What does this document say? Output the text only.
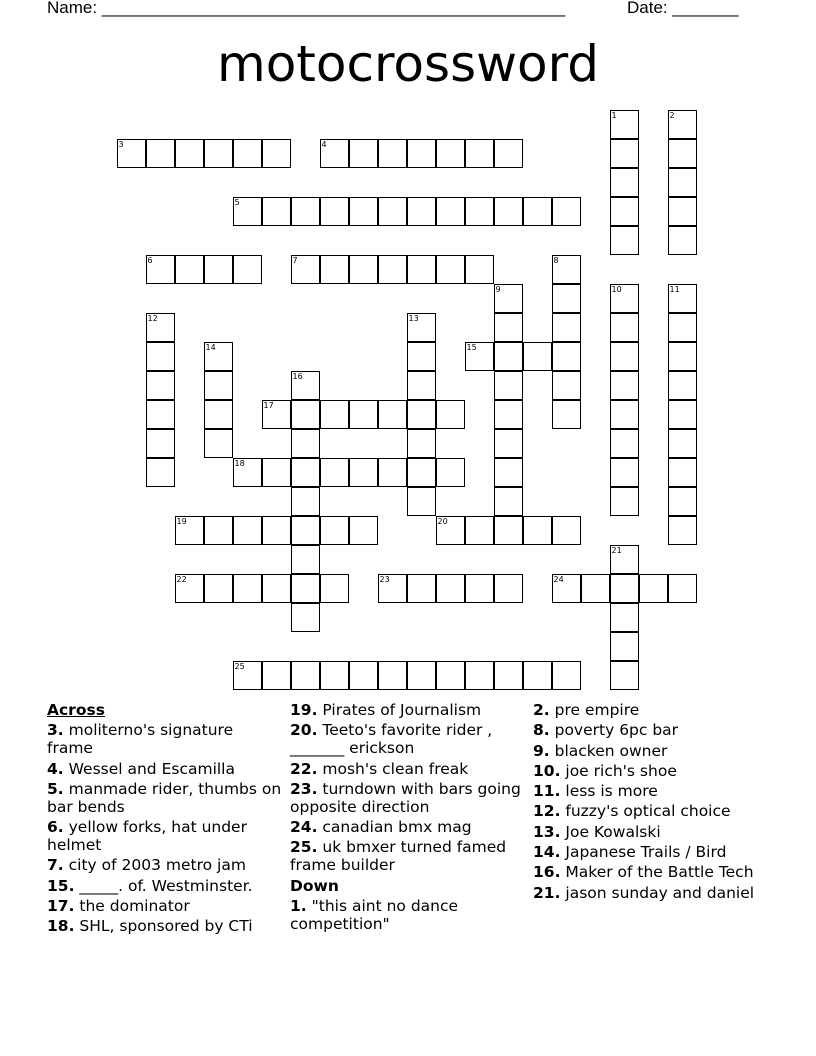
Name: _________________________________________________	Date: _______
motocrossword
3	4
5
6	7
15
17
18
19	20
22	23	24
25
1	2
8
9	10	11
12	13
14
16
21
Across
3. moliterno's signature frame
4. Wessel and Escamilla
5. manmade rider, thumbs on bar bends
6. yellow forks, hat under helmet
7. city of 2003 metro jam
15. _____. of. Westminster.
17. the dominator
18. SHL, sponsored by CTi
19. Pirates of Journalism
20. Teeto's favorite rider , _______ erickson
22. mosh's clean freak
23. turndown with bars going opposite direction
24. canadian bmx mag
25. uk bmxer turned famed frame builder
Down
1. "this aint no dance competition"
2. pre empire
8. poverty 6pc bar
9. blacken owner
10. joe rich's shoe
11. less is more
12. fuzzy's optical choice
13. Joe Kowalski
14. Japanese Trails / Bird
16. Maker of the Battle Tech
21. jason sunday and daniel
